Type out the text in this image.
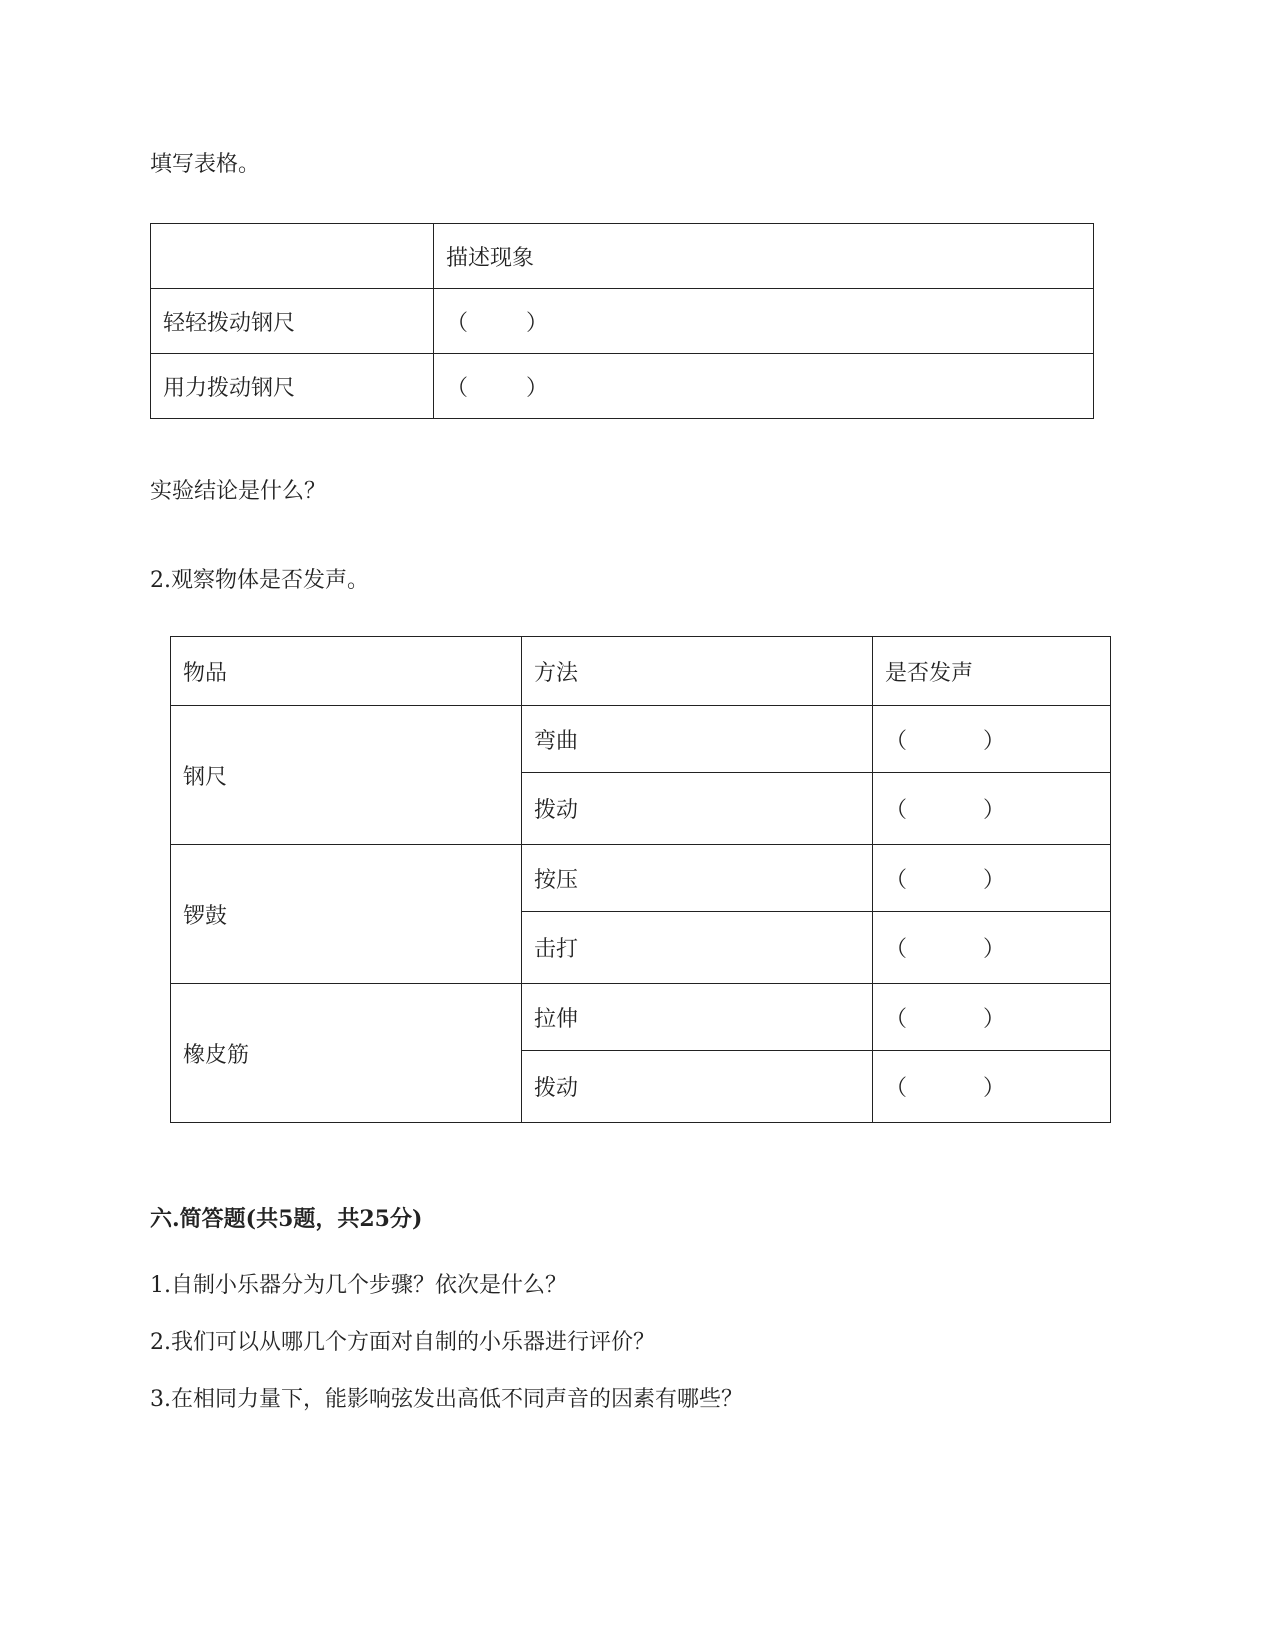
填写表格。
	描述现象
轻轻拨动钢尺	（ ）
用力拨动钢尺	（ ）
实验结论是什么？
2.观察物体是否发声。
物品	方法	是否发声
钢尺	弯曲	（ ）
	拨动	（ ）
锣鼓	按压	（ ）
	击打	（ ）
橡皮筋	拉伸	（ ）
	拨动	（ ）
六.简答题(共5题，共25分)
1.自制小乐器分为几个步骤？依次是什么？
2.我们可以从哪几个方面对自制的小乐器进行评价？
3.在相同力量下，能影响弦发出高低不同声音的因素有哪些？
